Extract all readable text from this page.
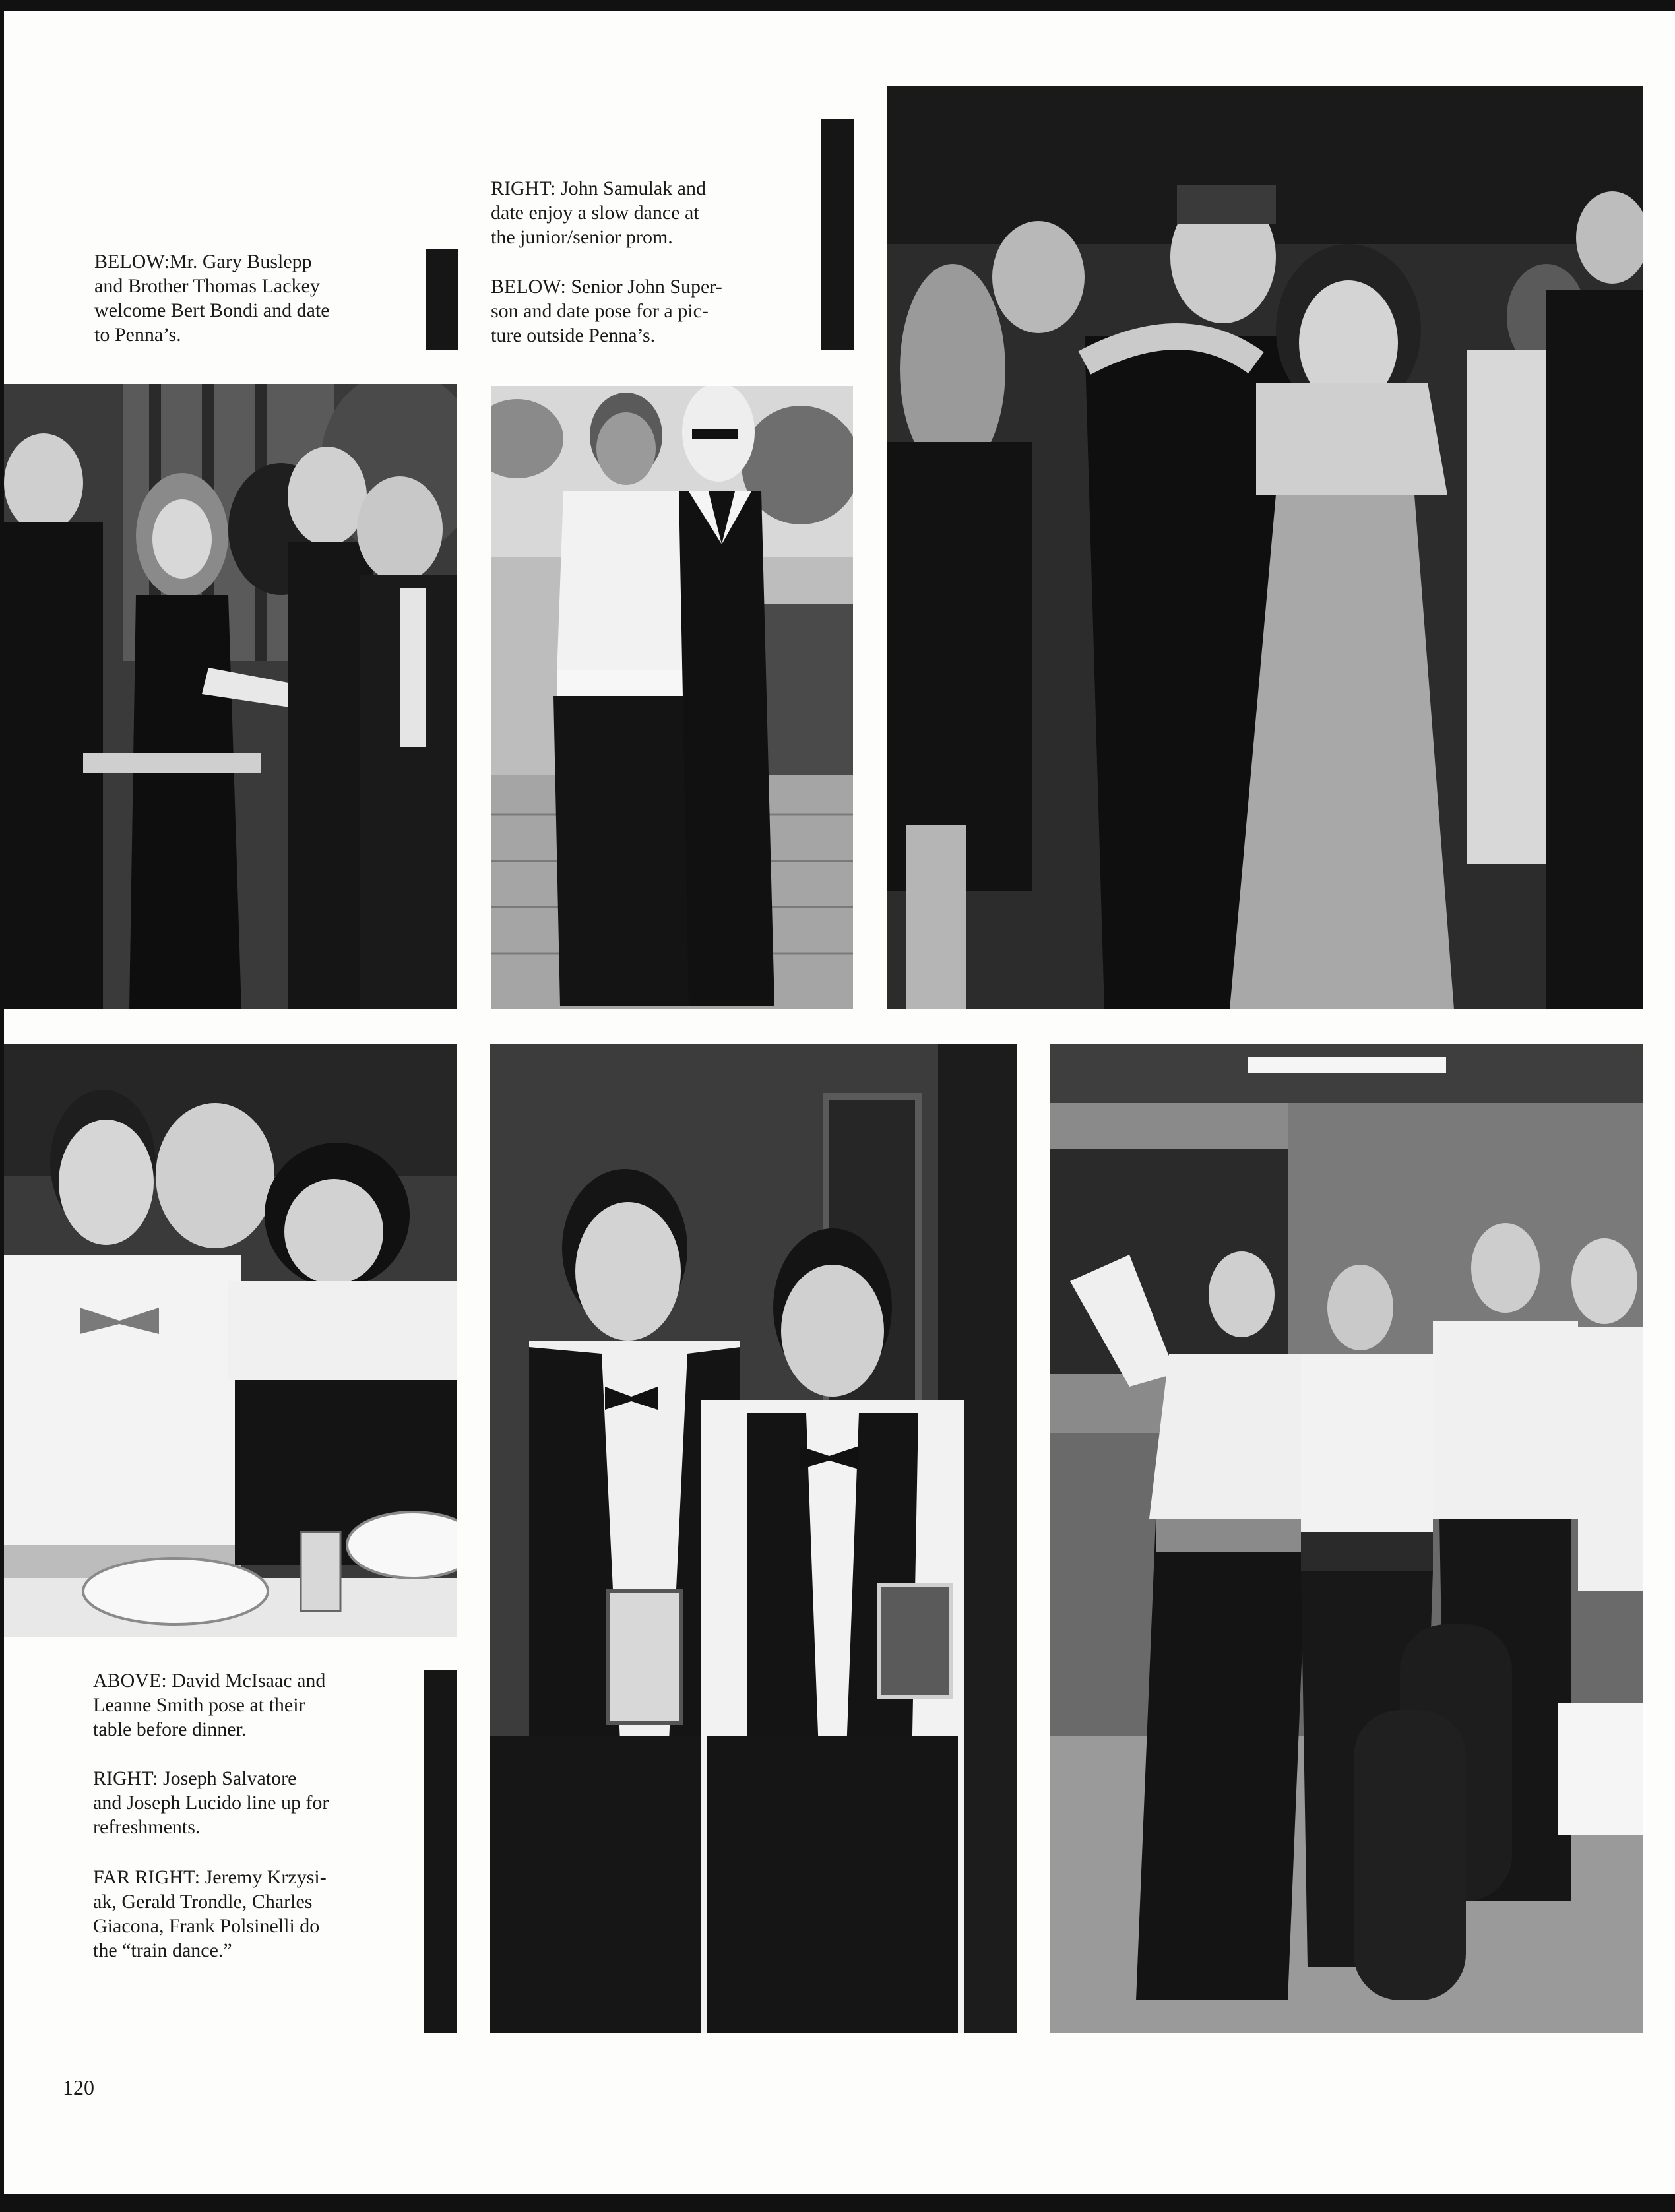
BELOW:Mr. Gary Buslepp
and Brother Thomas Lackey
welcome Bert Bondi and date
to Penna’s.
RIGHT: John Samulak and
date enjoy a slow dance at
the junior/senior prom.
BELOW: Senior John Super-
son and date pose for a pic-
ture outside Penna’s.
ABOVE: David McIsaac and
Leanne Smith pose at their
table before dinner.
RIGHT: Joseph Salvatore
and Joseph Lucido line up for
refreshments.
FAR RIGHT: Jeremy Krzysi-
ak, Gerald Trondle, Charles
Giacona, Frank Polsinelli do
the “train dance.”
120
